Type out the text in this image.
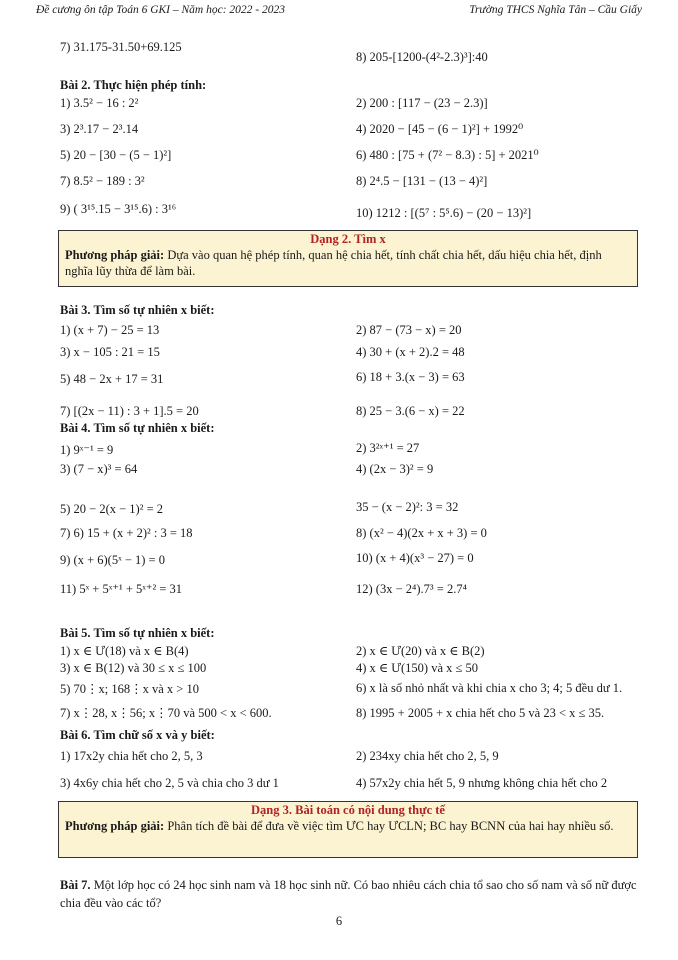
Đề cương ôn tập Toán 6 GKI – Năm học: 2022 - 2023	Trường THCS Nghĩa Tân – Cầu Giấy
7) 31.175-31.50+69.125
8) 205-[1200-(4²-2.3)³]:40
Bài 2. Thực hiện phép tính:
1) 3.5² − 16 : 2²	2) 200 : [117 − (23 − 2.3)]
3) 2³.17 − 2³.14	4) 2020 − [45 − (6 − 1)²] + 1992⁰
5) 20 − [30 − (5 − 1)²]	6) 480 : [75 + (7² − 8.3) : 5] + 2021⁰
7) 8.5² − 189 : 3²	8) 2⁴.5 − [131 − (13 − 4)²]
9) ( 3¹⁵.15 − 3¹⁵.6) : 3¹⁶	10) 1212 : [(5⁷ : 5⁵.6) − (20 − 13)²]
Dạng 2. Tìm x
Phương pháp giải: Dựa vào quan hệ phép tính, quan hệ chia hết, tính chất chia hết, dấu hiệu chia hết, định nghĩa lũy thừa để làm bài.
Bài 3. Tìm số tự nhiên x biết:
1) (x + 7) − 25 = 13	2) 87 − (73 − x) = 20
3) x − 105 : 21 = 15	4) 30 + (x + 2).2 = 48
5) 48 − 2x + 17 = 31	6) 18 + 3.(x − 3) = 63
7) [(2x − 11) : 3 + 1].5 = 20	8) 25 − 3.(6 − x) = 22
Bài 4. Tìm số tự nhiên x biết:
1) 9ˣ⁻¹ = 9	2) 3²ˣ⁺¹ = 27
3) (7 − x)³ = 64	4) (2x − 3)² = 9
5) 20 − 2(x − 1)² = 2	35 − (x − 2)²: 3 = 32
7) 6) 15 + (x + 2)² : 3 = 18	8) (x² − 4)(2x + x + 3) = 0
9) (x + 6)(5ˣ − 1) = 0	10) (x + 4)(x³ − 27) = 0
11) 5ˣ + 5ˣ⁺¹ + 5ˣ⁺² = 31	12) (3x − 2⁴).7³ = 2.7⁴
Bài 5. Tìm số tự nhiên x biết:
1) x ∈ Ư(18) và x ∈ B(4)	2) x ∈ Ư(20) và x ∈ B(2)
3) x ∈ B(12) và 30 ≤ x ≤ 100	4) x ∈ Ư(150) và x ≤ 50
5) 70⋮x; 168⋮x và x > 10	6) x là số nhỏ nhất và khi chia x cho 3; 4; 5 đều dư 1.
7) x⋮28, x⋮56; x⋮70 và 500 < x < 600.	8) 1995 + 2005 + x chia hết cho 5 và 23 < x ≤ 35.
Bài 6. Tìm chữ số x và y biết:
1) 17x2y chia hết cho 2, 5, 3	2) 234xy chia hết cho 2, 5, 9
3) 4x6y chia hết cho 2, 5 và chia cho 3 dư 1	4) 57x2y chia hết 5, 9 nhưng không chia hết cho 2
Dạng 3. Bài toán có nội dung thực tế
Phương pháp giải: Phân tích đề bài để đưa về việc tìm ƯC hay ƯCLN; BC hay BCNN của hai hay nhiều số.
Bài 7. Một lớp học có 24 học sinh nam và 18 học sinh nữ. Có bao nhiêu cách chia tổ sao cho số nam và số nữ được chia đều vào các tổ?
6
